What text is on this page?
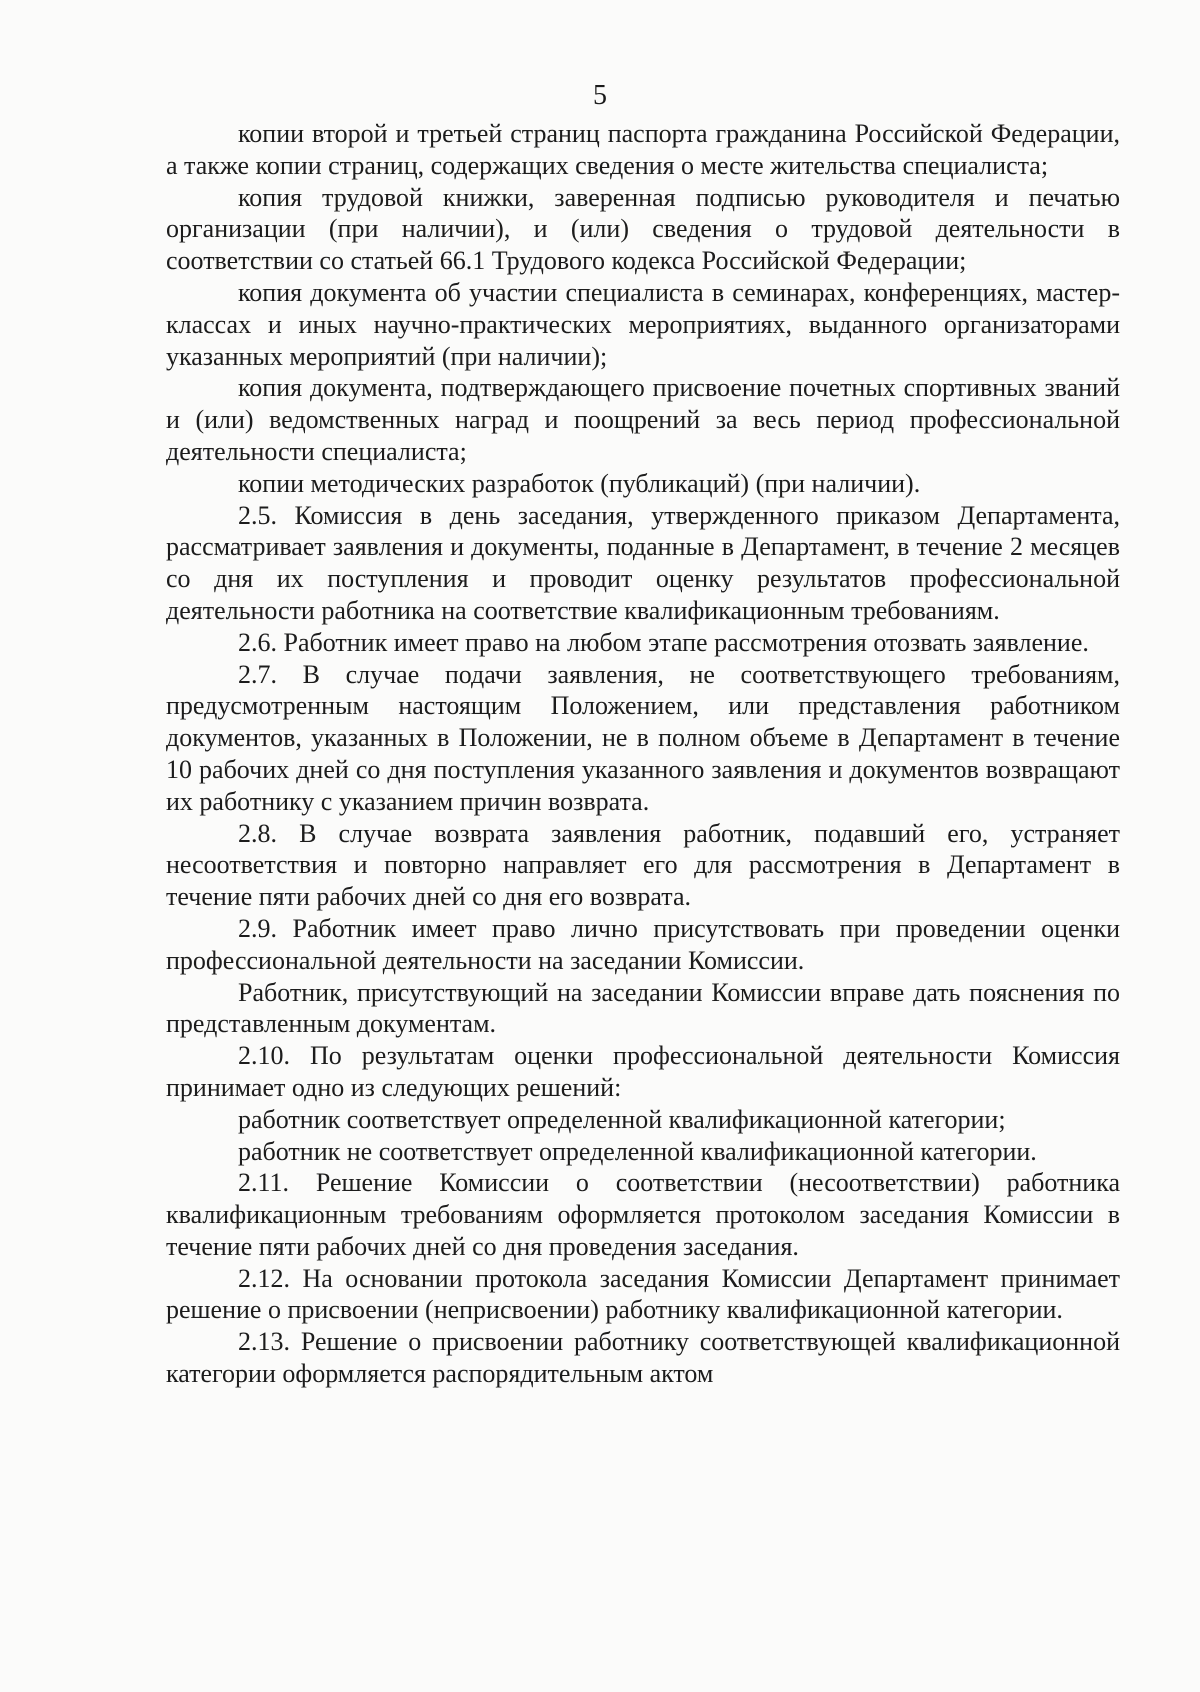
5

копии второй и третьей страниц паспорта гражданина Российской Федерации, а также копии страниц, содержащих сведения о месте жительства специалиста;

копия трудовой книжки, заверенная подписью руководителя и печатью организации (при наличии), и (или) сведения о трудовой деятельности в соответствии со статьей 66.1 Трудового кодекса Российской Федерации;

копия документа об участии специалиста в семинарах, конференциях, мастер-классах и иных научно-практических мероприятиях, выданного организаторами указанных мероприятий (при наличии);

копия документа, подтверждающего присвоение почетных спортивных званий и (или) ведомственных наград и поощрений за весь период профессиональной деятельности специалиста;

копии методических разработок (публикаций) (при наличии).

2.5. Комиссия в день заседания, утвержденного приказом Департамента, рассматривает заявления и документы, поданные в Департамент, в течение 2 месяцев со дня их поступления и проводит оценку результатов профессиональной деятельности работника на соответствие квалификационным требованиям.

2.6. Работник имеет право на любом этапе рассмотрения отозвать заявление.

2.7. В случае подачи заявления, не соответствующего требованиям, предусмотренным настоящим Положением, или представления работником документов, указанных в Положении, не в полном объеме в Департамент в течение 10 рабочих дней со дня поступления указанного заявления и документов возвращают их работнику с указанием причин возврата.

2.8. В случае возврата заявления работник, подавший его, устраняет несоответствия и повторно направляет его для рассмотрения в Департамент в течение пяти рабочих дней со дня его возврата.

2.9. Работник имеет право лично присутствовать при проведении оценки профессиональной деятельности на заседании Комиссии.

Работник, присутствующий на заседании Комиссии вправе дать пояснения по представленным документам.

2.10. По результатам оценки профессиональной деятельности Комиссия принимает одно из следующих решений:

работник соответствует определенной квалификационной категории;

работник не соответствует определенной квалификационной категории.

2.11. Решение Комиссии о соответствии (несоответствии) работника квалификационным требованиям оформляется протоколом заседания Комиссии в течение пяти рабочих дней со дня проведения заседания.

2.12. На основании протокола заседания Комиссии Департамент принимает решение о присвоении (неприсвоении) работнику квалификационной категории.

2.13. Решение о присвоении работнику соответствующей квалификационной категории оформляется распорядительным актом
